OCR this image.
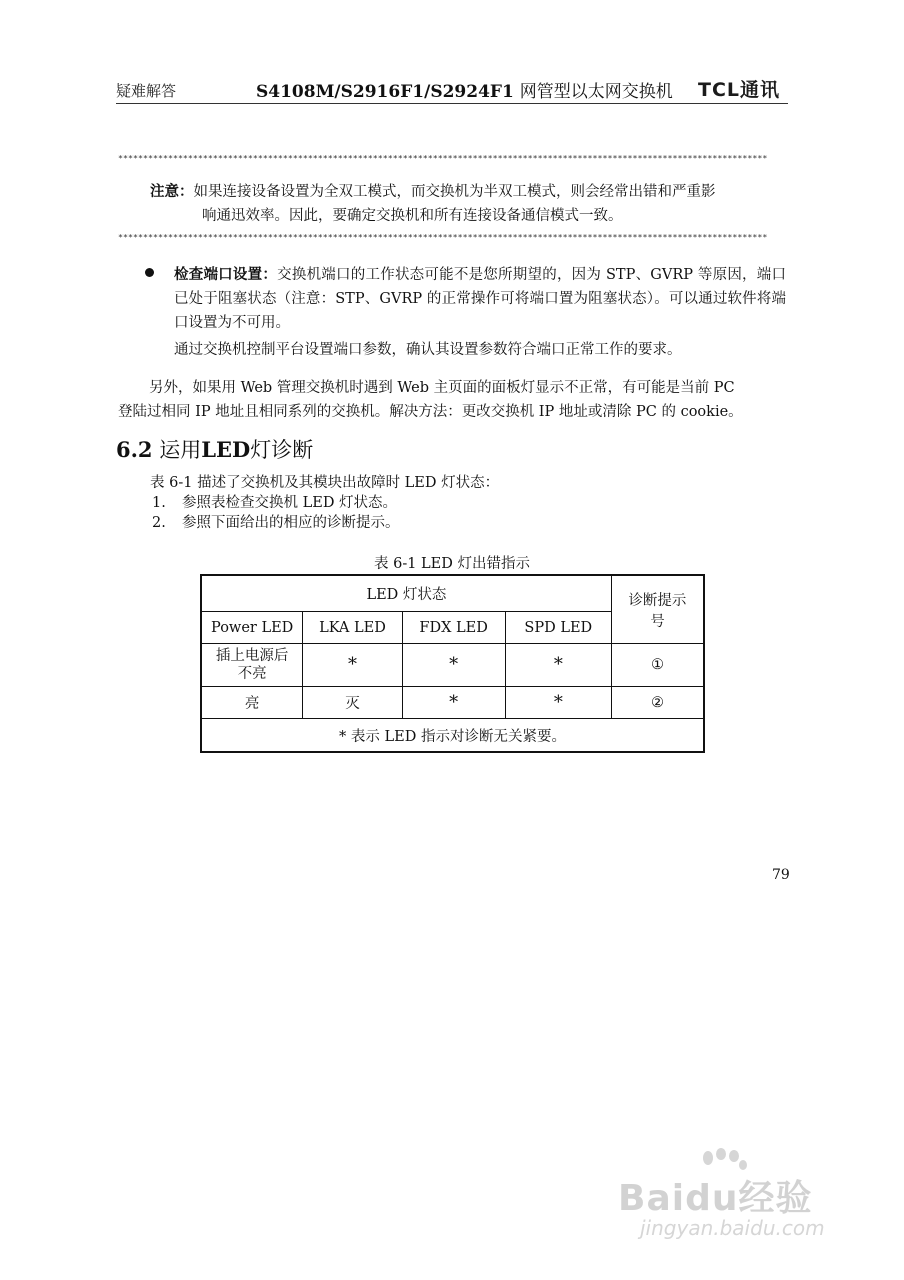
疑难解答	S4108M/S2916F1/S2924F1 网管型以太网交换机 TCL通讯
**********************************************************************************************************************************
注意：如果连接设备设置为全双工模式，而交换机为半双工模式，则会经常出错和严重影
响通迅效率。因此，要确定交换机和所有连接设备通信模式一致。
**********************************************************************************************************************************
检查端口设置：交换机端口的工作状态可能不是您所期望的，因为 STP、GVRP 等原因，端口已处于阻塞状态（注意：STP、GVRP 的正常操作可将端口置为阻塞状态）。可以通过软件将端口设置为不可用。
通过交换机控制平台设置端口参数，确认其设置参数符合端口正常工作的要求。
另外，如果用 Web 管理交换机时遇到 Web 主页面的面板灯显示不正常，有可能是当前 PC
登陆过相同 IP 地址且相同系列的交换机。解决方法：更改交换机 IP 地址或清除 PC 的 cookie。
6.2 运用LED灯诊断
表 6-1 描述了交换机及其模块出故障时 LED 灯状态：
1. 参照表检查交换机 LED 灯状态。
2. 参照下面给出的相应的诊断提示。
表 6-1 LED 灯出错指示
LED 灯状态				诊断提示
号

Power LED	LKA LED	FDX LED	SPD LED	

插上电源后
不亮	*	*	*	①
亮	灭	*	*	②
* 表示 LED 指示对诊断无关紧要。				
79
Baidu经验
jingyan.baidu.com
